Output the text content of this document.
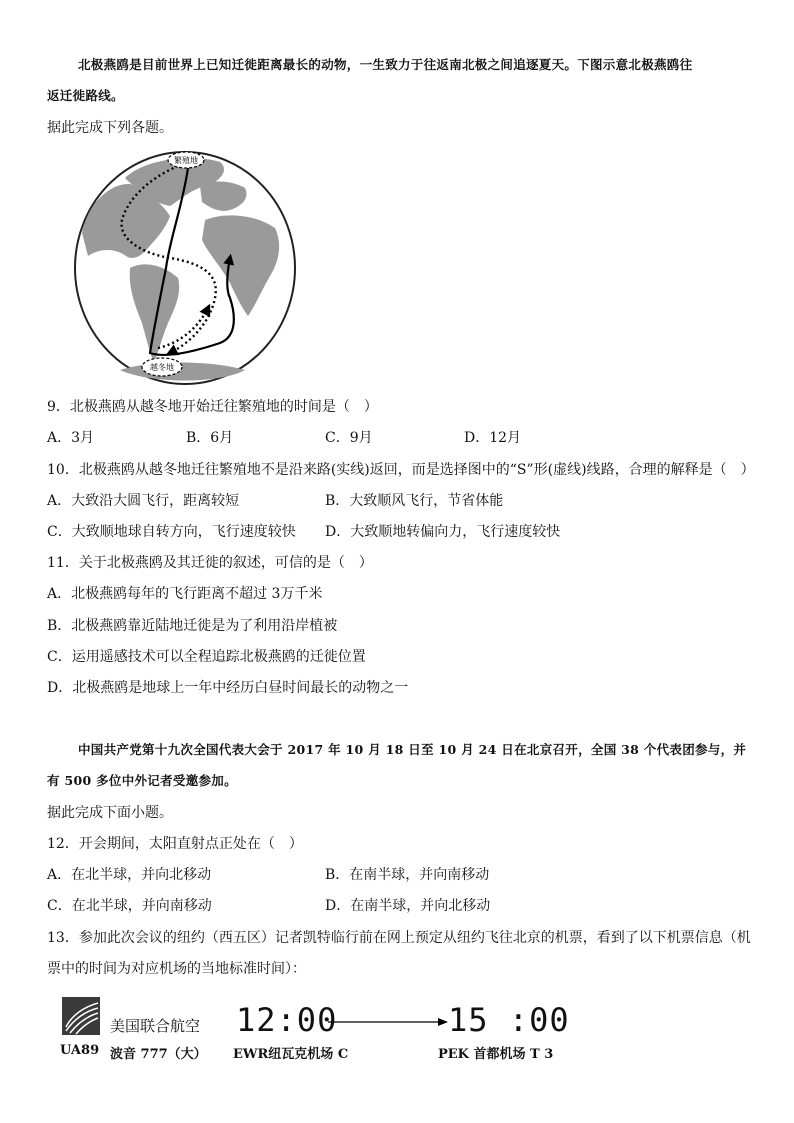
北极燕鸥是目前世界上已知迁徙距离最长的动物，一生致力于往返南北极之间追逐夏天。下图示意北极燕鸥往
返迁徙路线。
据此完成下列各题。
繁殖地
越冬地
9．北极燕鸥从越冬地开始迁往繁殖地的时间是（　）
A．3月	B．6月	C．9月	D．12月
10．北极燕鸥从越冬地迁往繁殖地不是沿来路(实线)返回，而是选择图中的“S”形(虚线)线路，合理的解释是（　）
A．大致沿大圆飞行，距离较短	B．大致顺风飞行，节省体能
C．大致顺地球自转方向，飞行速度较快 D．大致顺地转偏向力，飞行速度较快
11．关于北极燕鸥及其迁徙的叙述，可信的是（　）
A．北极燕鸥每年的飞行距离不超过 3万千米
B．北极燕鸥靠近陆地迁徙是为了利用沿岸植被
C．运用遥感技术可以全程追踪北极燕鸥的迁徙位置
D．北极燕鸥是地球上一年中经历白昼时间最长的动物之一
中国共产党第十九次全国代表大会于 2017 年 10 月 18 日至 10 月 24 日在北京召开，全国 38 个代表团参与，并
有 500 多位中外记者受邀参加。
据此完成下面小题。
12．开会期间，太阳直射点正处在（　）
A．在北半球，并向北移动	B．在南半球，并向南移动
C．在北半球，并向南移动	D．在南半球，并向北移动
13．参加此次会议的纽约（西五区）记者凯特临行前在网上预定从纽约飞往北京的机票，看到了以下机票信息（机
票中的时间为对应机场的当地标准时间）：
美国联合航空 12:00	15 :00
UA89 波音 777（大） EWR纽瓦克机场 C	PEK 首都机场 T 3
